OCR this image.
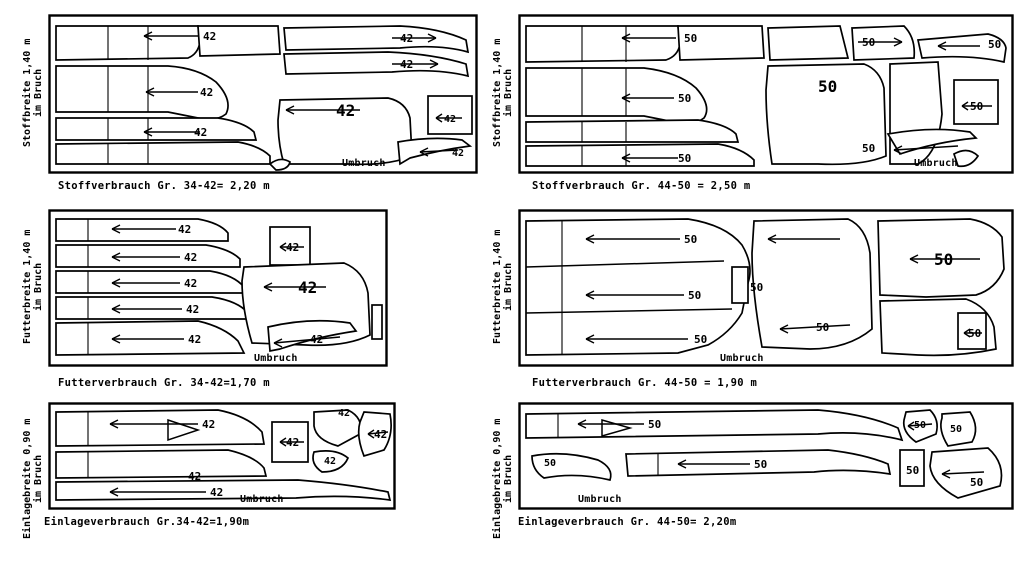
Stoffbreite 1,40 m
im Bruch
42	42
42
42
42	42
42
42
Umbruch
Stoffverbrauch Gr. 34-42= 2,20 m
Stoffbreite 1,40 m
im Bruch
50	50	50
50
50
50
50
50	Umbruch
Stoffverbrauch Gr. 44-50 = 2,50 m
Futterbreite 1,40 m
im Bruch
42
42
42
42
42
42
42
42
Umbruch
Futterverbrauch Gr. 34-42=1,70 m
Futterbreite 1,40 m
im Bruch
50
50
50
50
50
50
50
Umbruch
Futterverbrauch Gr. 44-50 = 1,90 m
Einlagebreite 0,90 m
im Bruch
42
42
42
42
42
42
42
Umbruch
Einlageverbrauch Gr.34-42=1,90m	Einlagebreite 0,90 m
im Bruch
50
50	50
50 50
50
50
Umbruch
Einlageverbrauch Gr. 44-50= 2,20m
